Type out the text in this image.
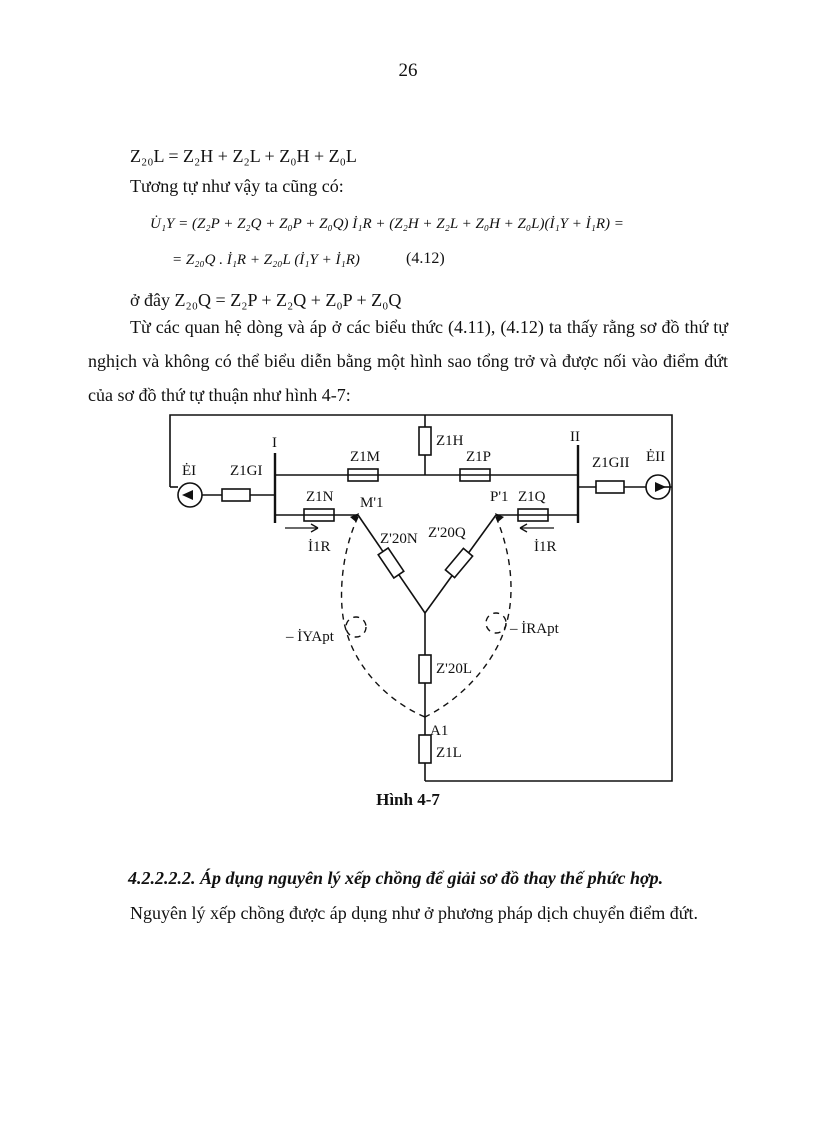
26
Z₂₀L = Z₂H + Z₂L + Z₀H + Z₀L
Tương tự như vậy ta cũng có:
U̇₁Y = (Z₂P + Z₂Q + Z₀P + Z₀Q) İ₁R + (Z₂H + Z₂L + Z₀H + Z₀L)(İ₁Y + İ₁R) =
= Z₂₀Q . İ₁R + Z₂₀L (İ₁Y + İ₁R)	(4.12)
ở đây Z₂₀Q = Z₂P + Z₂Q + Z₀P + Z₀Q
Từ các quan hệ dòng và áp ở các biểu thức (4.11), (4.12) ta thấy rằng sơ đồ thứ tự nghịch và không có thể biểu diễn bằng một hình sao tổng trở và được nối vào điểm đứt của sơ đồ thứ tự thuận như hình 4-7:
I	II
ĖI
ĖII
Z1GI	Z1GII
Z1H
Z1M	Z1P
Z1N	Z1Q
M'1	P'1
Z'20N Z'20Q
Z'20L
A1
Z1L
İ1R	İ1R
– İYApt	– İRApt
Hình 4-7
4.2.2.2.2. Áp dụng nguyên lý xếp chồng để giải sơ đồ thay thế phức hợp.
Nguyên lý xếp chồng được áp dụng như ở phương pháp dịch chuyển điểm đứt.
